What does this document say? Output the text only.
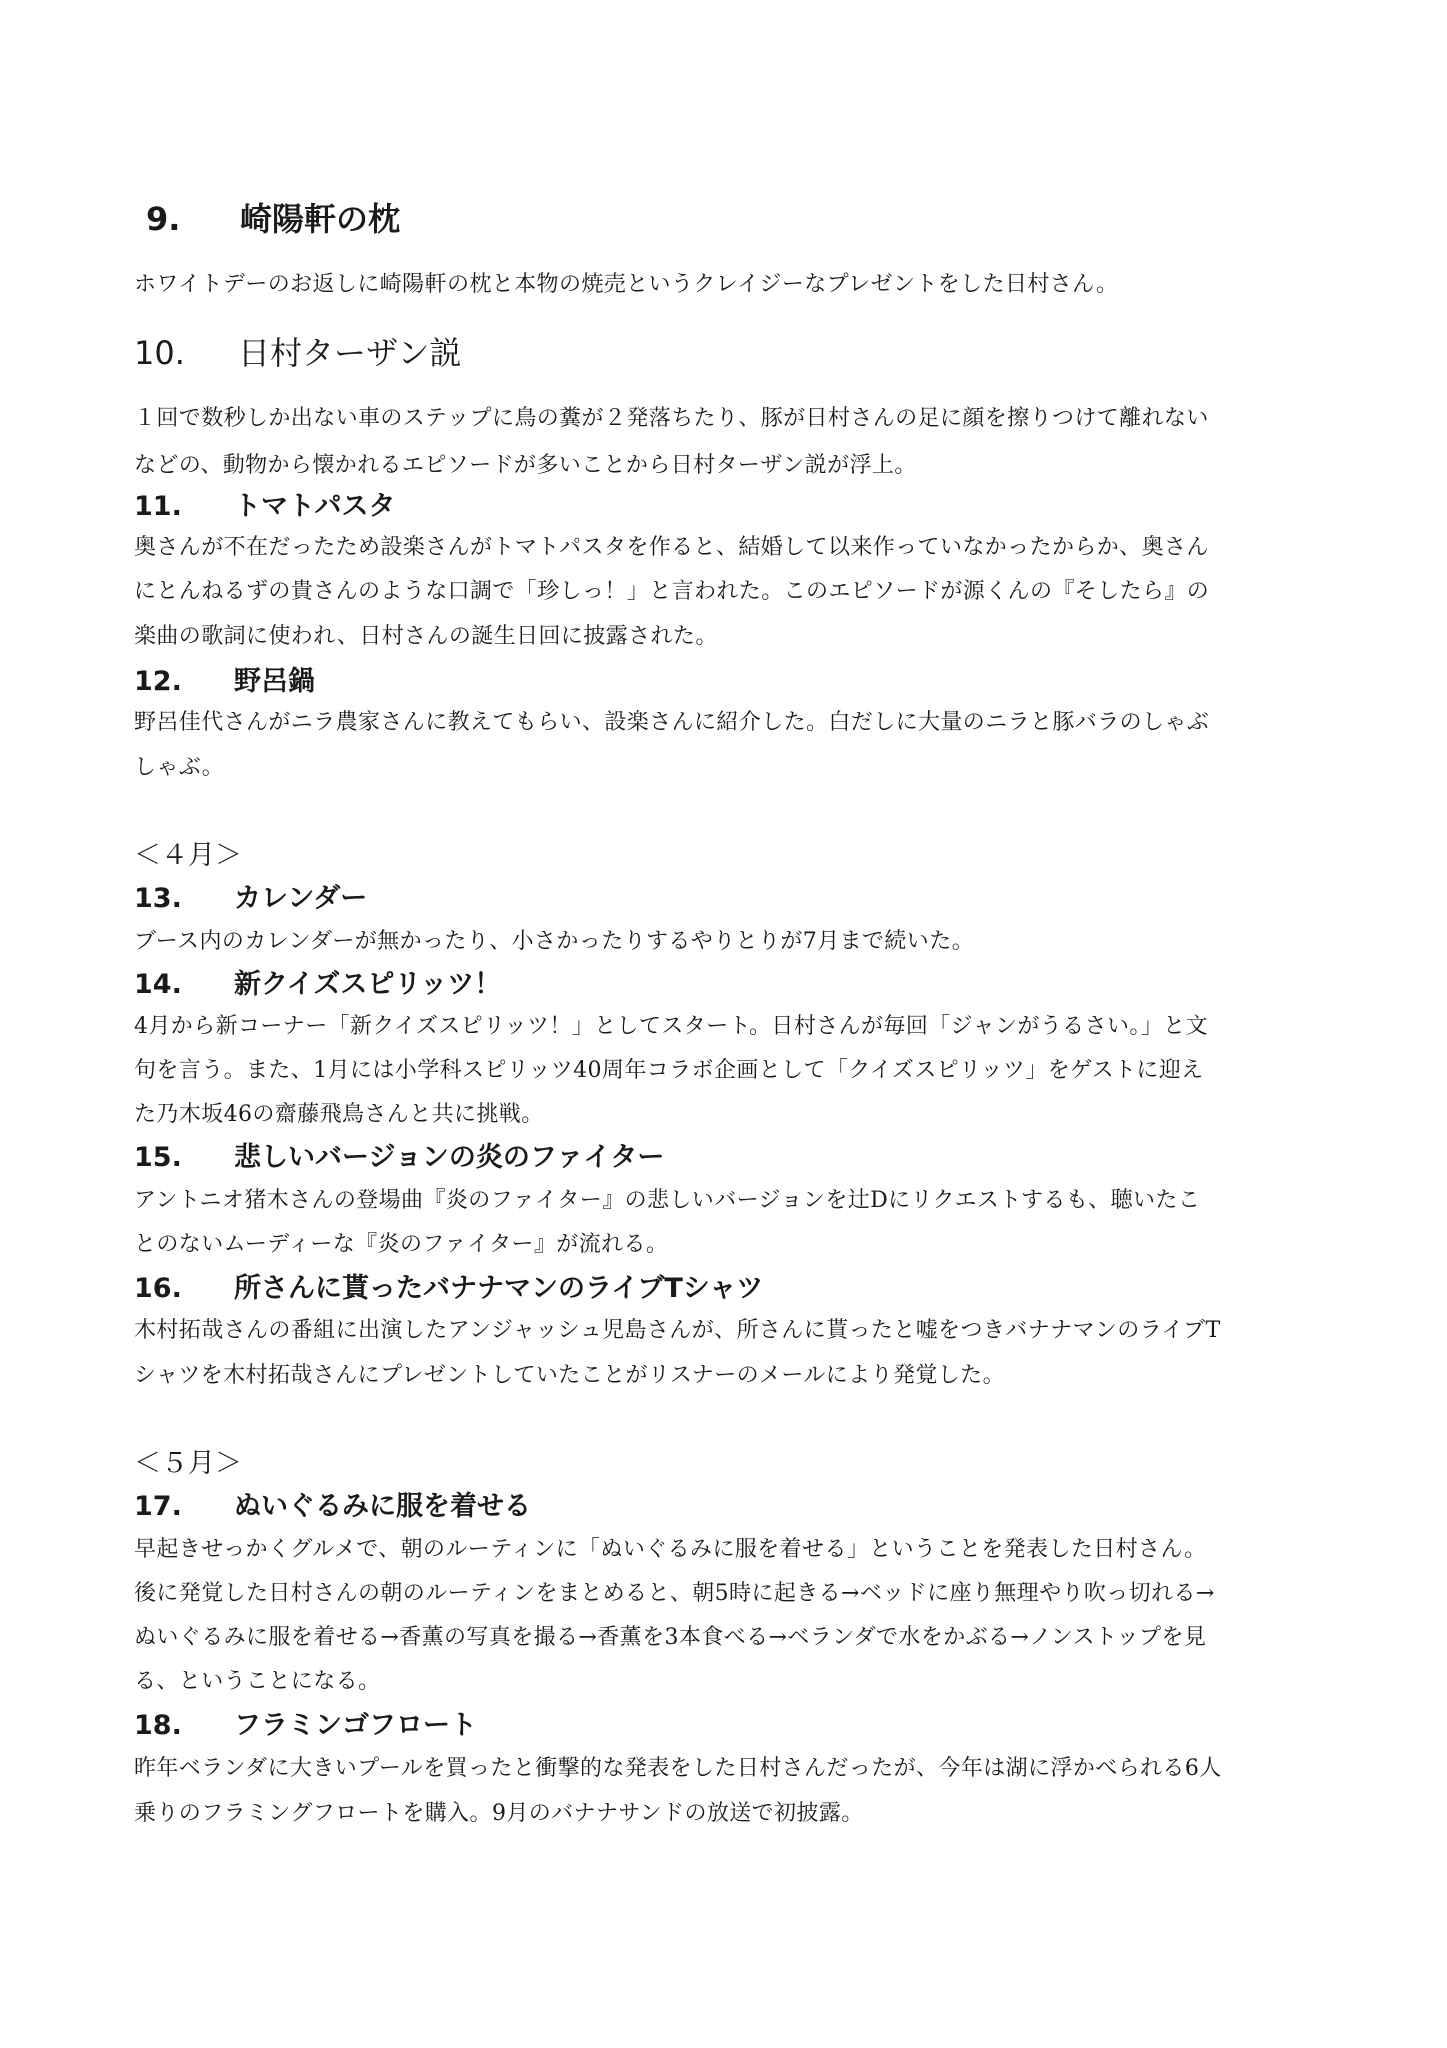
9. 崎陽軒の枕
ホワイトデーのお返しに崎陽軒の枕と本物の焼売というクレイジーなプレゼントをした日村さん。
10. 日村ターザン説
１回で数秒しか出ない車のステップに鳥の糞が２発落ちたり、豚が日村さんの足に顔を擦りつけて離れない
などの、動物から懐かれるエピソードが多いことから日村ターザン説が浮上。
11. トマトパスタ
奥さんが不在だったため設楽さんがトマトパスタを作ると、結婚して以来作っていなかったからか、奥さん
にとんねるずの貴さんのような口調で「珍しっ！」と言われた。このエピソードが源くんの『そしたら』の
楽曲の歌詞に使われ、日村さんの誕生日回に披露された。
12. 野呂鍋
野呂佳代さんがニラ農家さんに教えてもらい、設楽さんに紹介した。白だしに大量のニラと豚バラのしゃぶ
しゃぶ。
＜４月＞
13. カレンダー
ブース内のカレンダーが無かったり、小さかったりするやりとりが7月まで続いた。
14. 新クイズスピリッツ！
4月から新コーナー「新クイズスピリッツ！」としてスタート。日村さんが毎回「ジャンがうるさい。」と文
句を言う。また、1月には小学科スピリッツ40周年コラボ企画として「クイズスピリッツ」をゲストに迎え
た乃木坂46の齋藤飛鳥さんと共に挑戦。
15. 悲しいバージョンの炎のファイター
アントニオ猪木さんの登場曲『炎のファイター』の悲しいバージョンを辻Dにリクエストするも、聴いたこ
とのないムーディーな『炎のファイター』が流れる。
16. 所さんに貰ったバナナマンのライブTシャツ
木村拓哉さんの番組に出演したアンジャッシュ児島さんが、所さんに貰ったと嘘をつきバナナマンのライブT
シャツを木村拓哉さんにプレゼントしていたことがリスナーのメールにより発覚した。
＜５月＞
17. ぬいぐるみに服を着せる
早起きせっかくグルメで、朝のルーティンに「ぬいぐるみに服を着せる」ということを発表した日村さん。
後に発覚した日村さんの朝のルーティンをまとめると、朝5時に起きる→ベッドに座り無理やり吹っ切れる→
ぬいぐるみに服を着せる→香薫の写真を撮る→香薫を3本食べる→ベランダで水をかぶる→ノンストップを見
る、ということになる。
18. フラミンゴフロート
昨年ベランダに大きいプールを買ったと衝撃的な発表をした日村さんだったが、今年は湖に浮かべられる6人
乗りのフラミングフロートを購入。9月のバナナサンドの放送で初披露。
